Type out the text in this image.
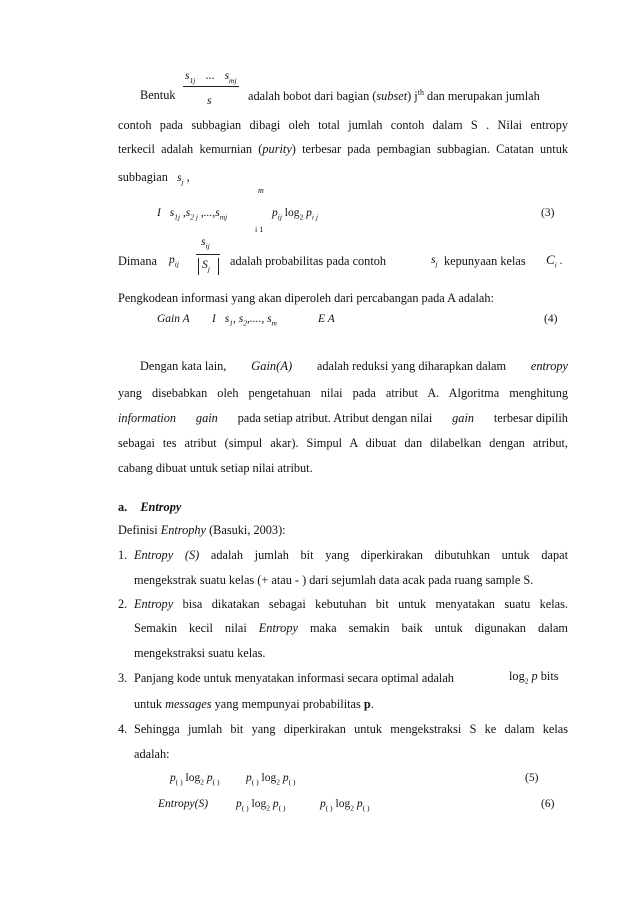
Bentuk
$s_{1j}$ ... $s_{mj}$
s	adalah bobot dari bagian (subset) $j^{th}$ dan merupakan jumlah
contoh pada subbagian dibagi oleh total jumlah contoh dalam S . Nilai entropy
terkecil adalah kemurnian (purity) terbesar pada pembagian subbagian. Catatan untuk
subbagian $s_j$ ,
m
I $s_{1j}$ $,s_{2 j}$ $,...,s_{mj}$	$p_{ij}$ $\log_2 p_{i j}$
i 1
(3)
Dimana $p_{ij}$
$s_{ij}$
$S_j$
adalah probabilitas pada contoh	$s_j$ kepunyaan kelas $C_i$ .
Pengkodean informasi yang akan diperoleh dari percabangan pada A adalah:
Gain A I $s_1$, $s_2$,...., $s_m$	E A	(4)
Dengan kata lain, Gain(A) adalah reduksi yang diharapkan dalam entropy
yang disebabkan oleh pengetahuan nilai pada atribut A. Algoritma menghitung
information gain pada setiap atribut. Atribut dengan nilai gain terbesar dipilih
sebagai tes atribut (simpul akar). Simpul A dibuat dan dilabelkan dengan atribut,
cabang dibuat untuk setiap nilai atribut.
a. Entropy
Definisi Entrophy (Basuki, 2003):
1. Entropy (S) adalah jumlah bit yang diperkirakan dibutuhkan untuk dapat
mengekstrak suatu kelas (+ atau - ) dari sejumlah data acak pada ruang sample S.
2. Entropy bisa dikatakan sebagai kebutuhan bit untuk menyatakan suatu kelas.
Semakin kecil nilai Entropy maka semakin baik untuk digunakan dalam
mengekstraksi suatu kelas.
3. Panjang kode untuk menyatakan informasi secara optimal adalah	$\log_2 p$ bits
untuk messages yang mempunyai probabilitas p.
4. Sehingga jumlah bit yang diperkirakan untuk mengekstraksi S ke dalam kelas
adalah:
$p_{( )}$ $\log_2 p_{( )}$ $p_{( )}$ $\log_2 p_{( )}$	(5)
Entropy(S) $p_{( )}$ $\log_2 p_{( )}$	$p_{( )}$ $\log_2 p_{( )}$	(6)
